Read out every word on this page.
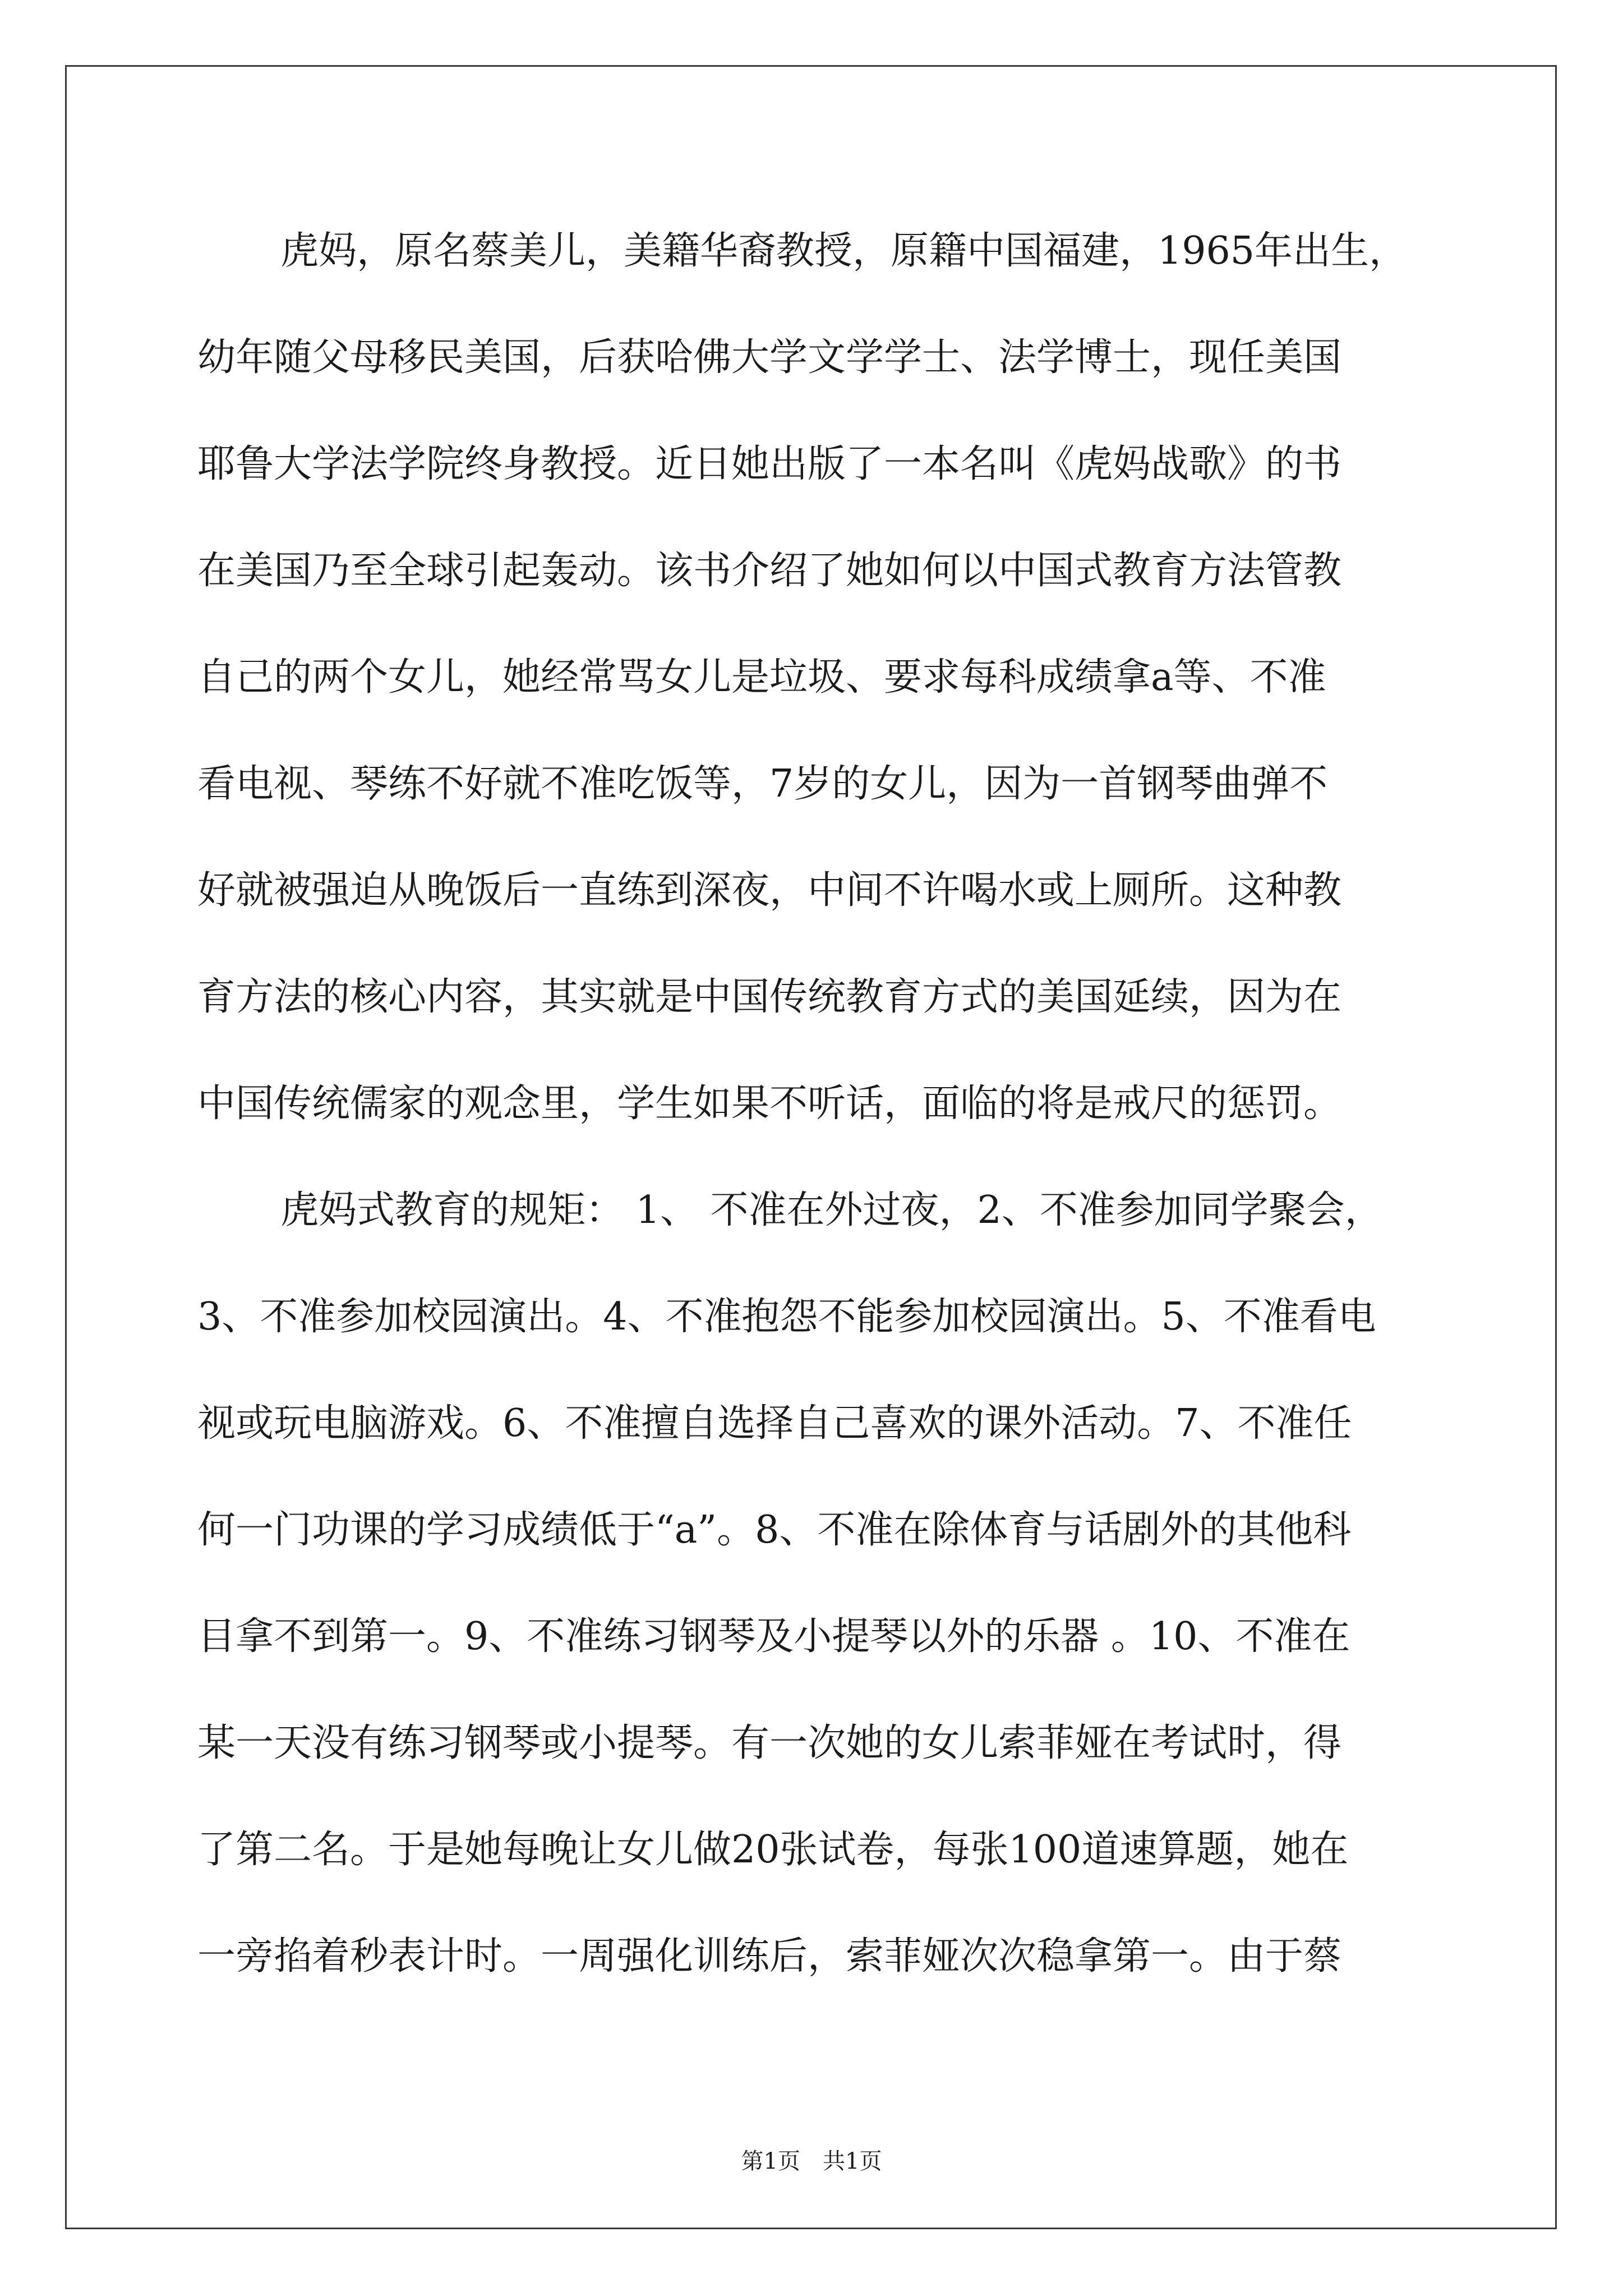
虎妈，原名蔡美儿，美籍华裔教授，原籍中国福建，1965年出生，
幼年随父母移民美国，后获哈佛大学文学学士、法学博士，现任美国
耶鲁大学法学院终身教授。近日她出版了一本名叫《虎妈战歌》的书
在美国乃至全球引起轰动。该书介绍了她如何以中国式教育方法管教
自己的两个女儿，她经常骂女儿是垃圾、要求每科成绩拿a等、不准
看电视、琴练不好就不准吃饭等，7岁的女儿，因为一首钢琴曲弹不
好就被强迫从晚饭后一直练到深夜，中间不许喝水或上厕所。这种教
育方法的核心内容，其实就是中国传统教育方式的美国延续，因为在
中国传统儒家的观念里，学生如果不听话，面临的将是戒尺的惩罚。
虎妈式教育的规矩： 1、 不准在外过夜，2、不准参加同学聚会，
3、不准参加校园演出。4、不准抱怨不能参加校园演出。5、不准看电
视或玩电脑游戏。6、不准擅自选择自己喜欢的课外活动。7、不准任
何一门功课的学习成绩低于“a”。8、不准在除体育与话剧外的其他科
目拿不到第一。9、不准练习钢琴及小提琴以外的乐器 。10、不准在
某一天没有练习钢琴或小提琴。有一次她的女儿索菲娅在考试时，得
了第二名。于是她每晚让女儿做20张试卷，每张100道速算题，她在
一旁掐着秒表计时。一周强化训练后，索菲娅次次稳拿第一。由于蔡
第1页　共1页
